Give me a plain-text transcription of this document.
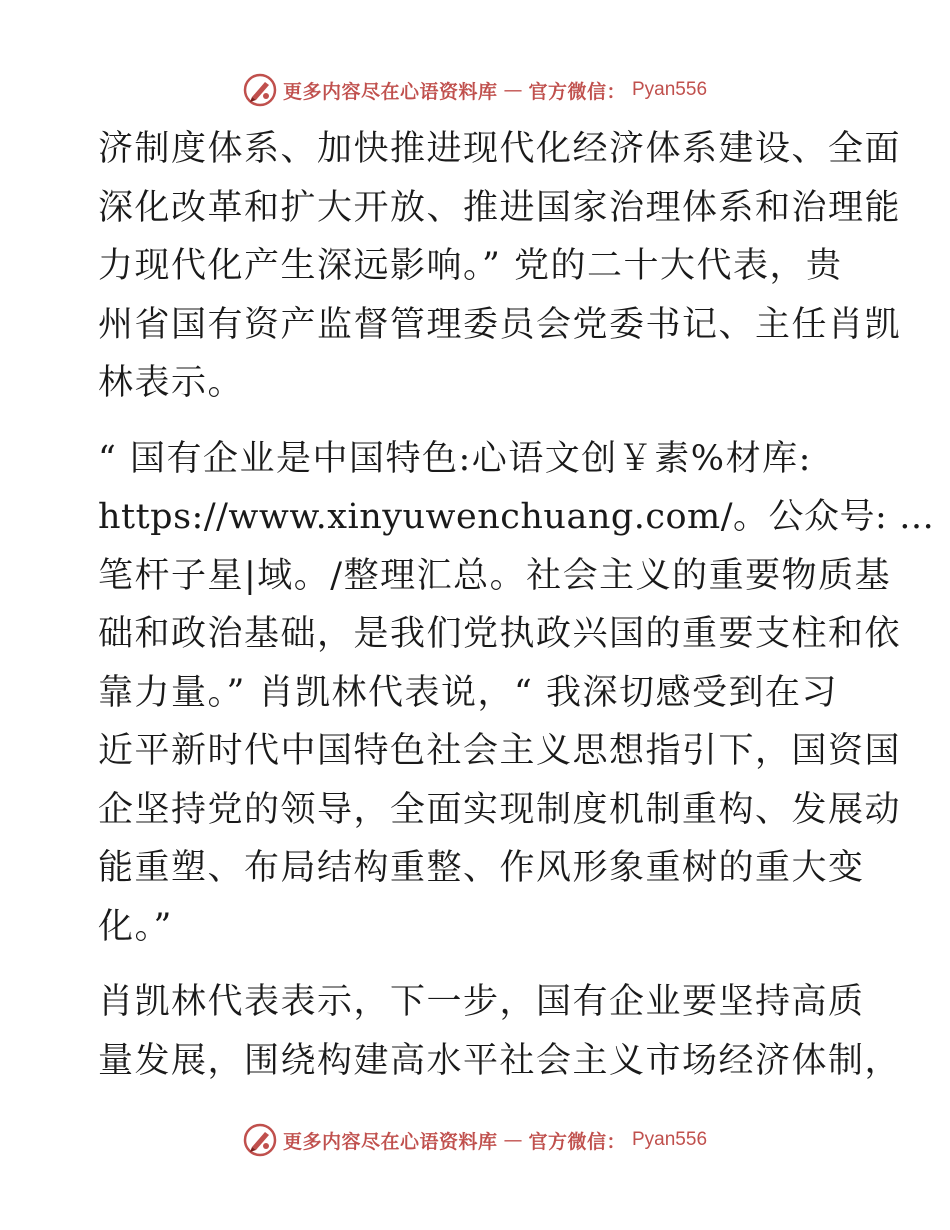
更多内容尽在心语资料库 — 官方微信： Pyan556
济制度体系、加快推进现代化经济体系建设、全面
深化改革和扩大开放、推进国家治理体系和治理能
力现代化产生深远影响。” 党的二十大代表，贵
州省国有资产监督管理委员会党委书记、主任肖凯
林表示。
“ 国有企业是中国特色:心语文创￥素%材库:
https://www.xinyuwenchuang.com/。公众号: …
笔杆子星|域。/整理汇总。社会主义的重要物质基
础和政治基础，是我们党执政兴国的重要支柱和依
靠力量。” 肖凯林代表说，“ 我深切感受到在习
近平新时代中国特色社会主义思想指引下，国资国
企坚持党的领导，全面实现制度机制重构、发展动
能重塑、布局结构重整、作风形象重树的重大变
化。”
肖凯林代表表示，下一步，国有企业要坚持高质
量发展，围绕构建高水平社会主义市场经济体制，
更多内容尽在心语资料库 — 官方微信： Pyan556
